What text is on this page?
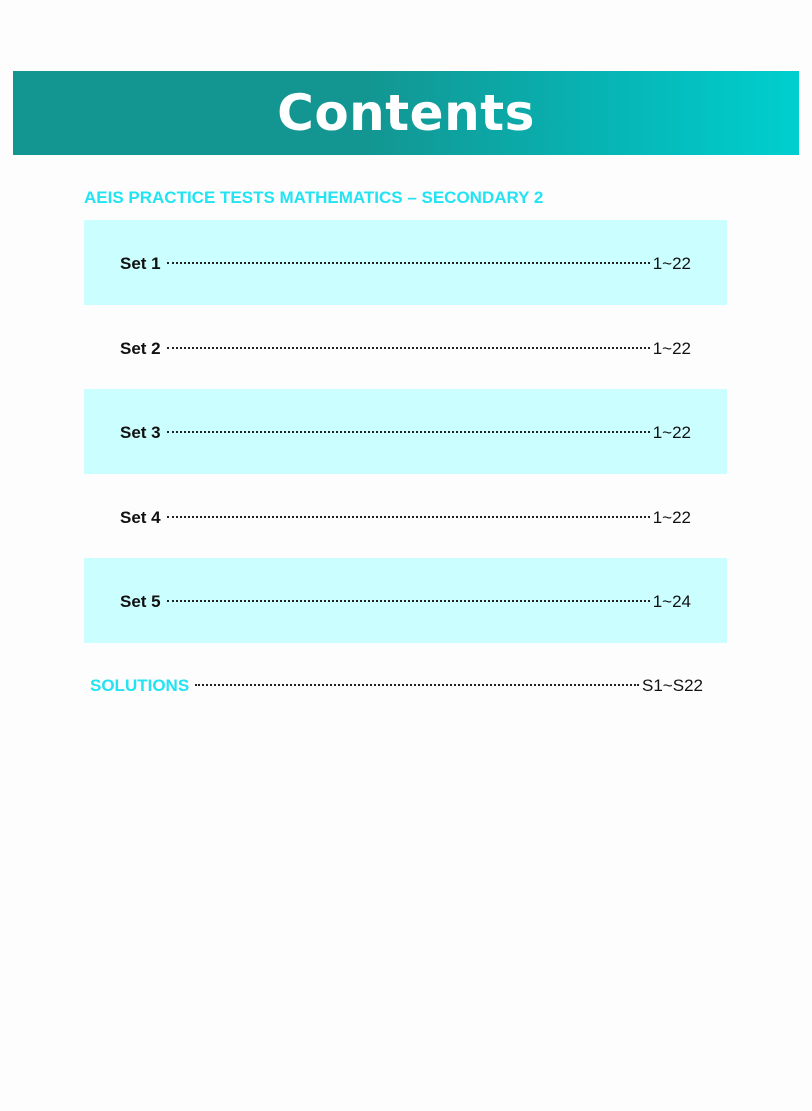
Contents
AEIS PRACTICE TESTS MATHEMATICS – SECONDARY 2
Set 1	1~22
Set 2	1~22
Set 3	1~22
Set 4	1~22
Set 5	1~24
SOLUTIONS	S1~S22
